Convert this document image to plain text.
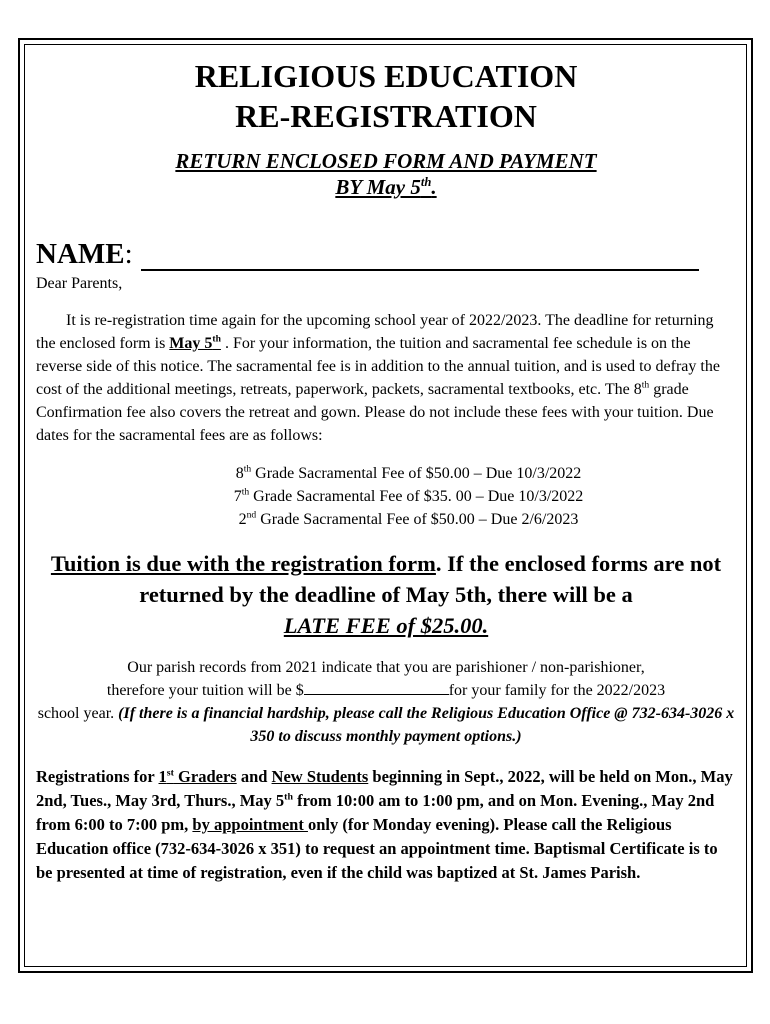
RELIGIOUS EDUCATION
RE-REGISTRATION
RETURN ENCLOSED FORM AND PAYMENT
BY May 5th.
NAME :
Dear Parents,
It is re-registration time again for the upcoming school year of 2022/2023. The deadline for returning the enclosed form is May 5th . For your information, the tuition and sacramental fee schedule is on the reverse side of this notice. The sacramental fee is in addition to the annual tuition, and is used to defray the cost of the additional meetings, retreats, paperwork, packets, sacramental textbooks, etc. The 8th grade Confirmation fee also covers the retreat and gown. Please do not include these fees with your tuition. Due dates for the sacramental fees are as follows:
8th Grade Sacramental Fee of $50.00 – Due 10/3/2022
7th Grade Sacramental Fee of $35. 00 – Due 10/3/2022
2nd Grade Sacramental Fee of $50.00 – Due 2/6/2023
Tuition is due with the registration form. If the enclosed forms are not returned by the deadline of May 5th, there will be a
LATE FEE of $25.00.
Our parish records from 2021 indicate that you are parishioner / non-parishioner,
therefore your tuition will be $	for your family for the 2022/2023
school year. (If there is a financial hardship, please call the Religious Education Office @ 732-634-3026 x 350 to discuss monthly payment options.)
Registrations for 1st Graders and New Students beginning in Sept., 2022, will be held on Mon., May 2nd, Tues., May 3rd, Thurs., May 5th from 10:00 am to 1:00 pm, and on Mon. Evening., May 2nd from 6:00 to 7:00 pm, by appointment only (for Monday evening). Please call the Religious Education office (732-634-3026 x 351) to request an appointment time. Baptismal Certificate is to be presented at time of registration, even if the child was baptized at St. James Parish.
